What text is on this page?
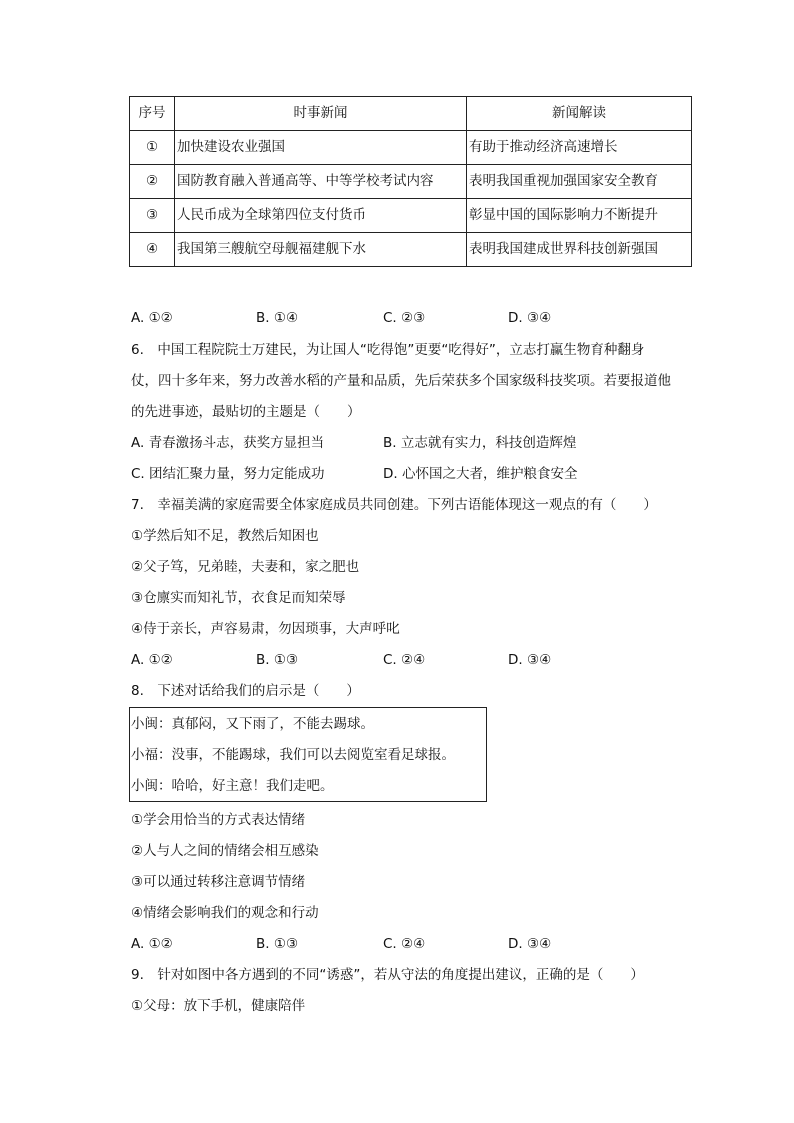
序号	时事新闻	新闻解读
①	加快建设农业强国	有助于推动经济高速增长
②	国防教育融入普通高等、中等学校考试内容	表明我国重视加强国家安全教育
③	人民币成为全球第四位支付货币	彰显中国的国际影响力不断提升
④	我国第三艘航空母舰福建舰下水	表明我国建成世界科技创新强国
A. ①②	B. ①④	C. ②③	D. ③④
6.　中国工程院院士万建民，为让国人“吃得饱”更要“吃得好”，立志打赢生物育种翻身
仗，四十多年来，努力改善水稻的产量和品质，先后荣获多个国家级科技奖项。若要报道他
的先进事迹，最贴切的主题是（　　）
A. 青春激扬斗志，获奖方显担当	B. 立志就有实力，科技创造辉煌
C. 团结汇聚力量，努力定能成功	D. 心怀国之大者，维护粮食安全
7.　幸福美满的家庭需要全体家庭成员共同创建。下列古语能体现这一观点的有（　　）
①学然后知不足，教然后知困也
②父子笃，兄弟睦，夫妻和，家之肥也
③仓廪实而知礼节，衣食足而知荣辱
④侍于亲长，声容易肃，勿因琐事，大声呼叱
A. ①②	B. ①③	C. ②④	D. ③④
8.　下述对话给我们的启示是（　　）
小闽：真郁闷，又下雨了，不能去踢球。
小福：没事，不能踢球，我们可以去阅览室看足球报。
小闽：哈哈，好主意！我们走吧。
①学会用恰当的方式表达情绪
②人与人之间的情绪会相互感染
③可以通过转移注意调节情绪
④情绪会影响我们的观念和行动
A. ①②	B. ①③	C. ②④	D. ③④
9.　针对如图中各方遇到的不同“诱惑”，若从守法的角度提出建议，正确的是（　　）
①父母：放下手机，健康陪伴
